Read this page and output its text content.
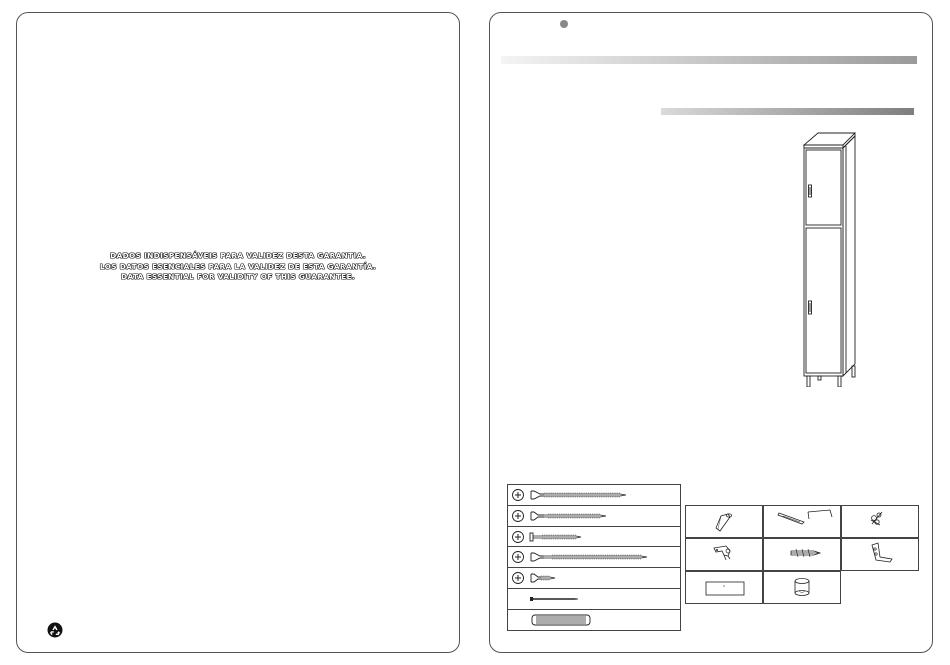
DADOS INDISPENSÁVEIS PARA VALIDEZ DESTA GARANTIA.
LOS DATOS ESENCIALES PARA LA VALIDEZ DE ESTA GARANTÍA.
DATA ESSENTIAL FOR VALIDITY OF THIS GUARANTEE.
